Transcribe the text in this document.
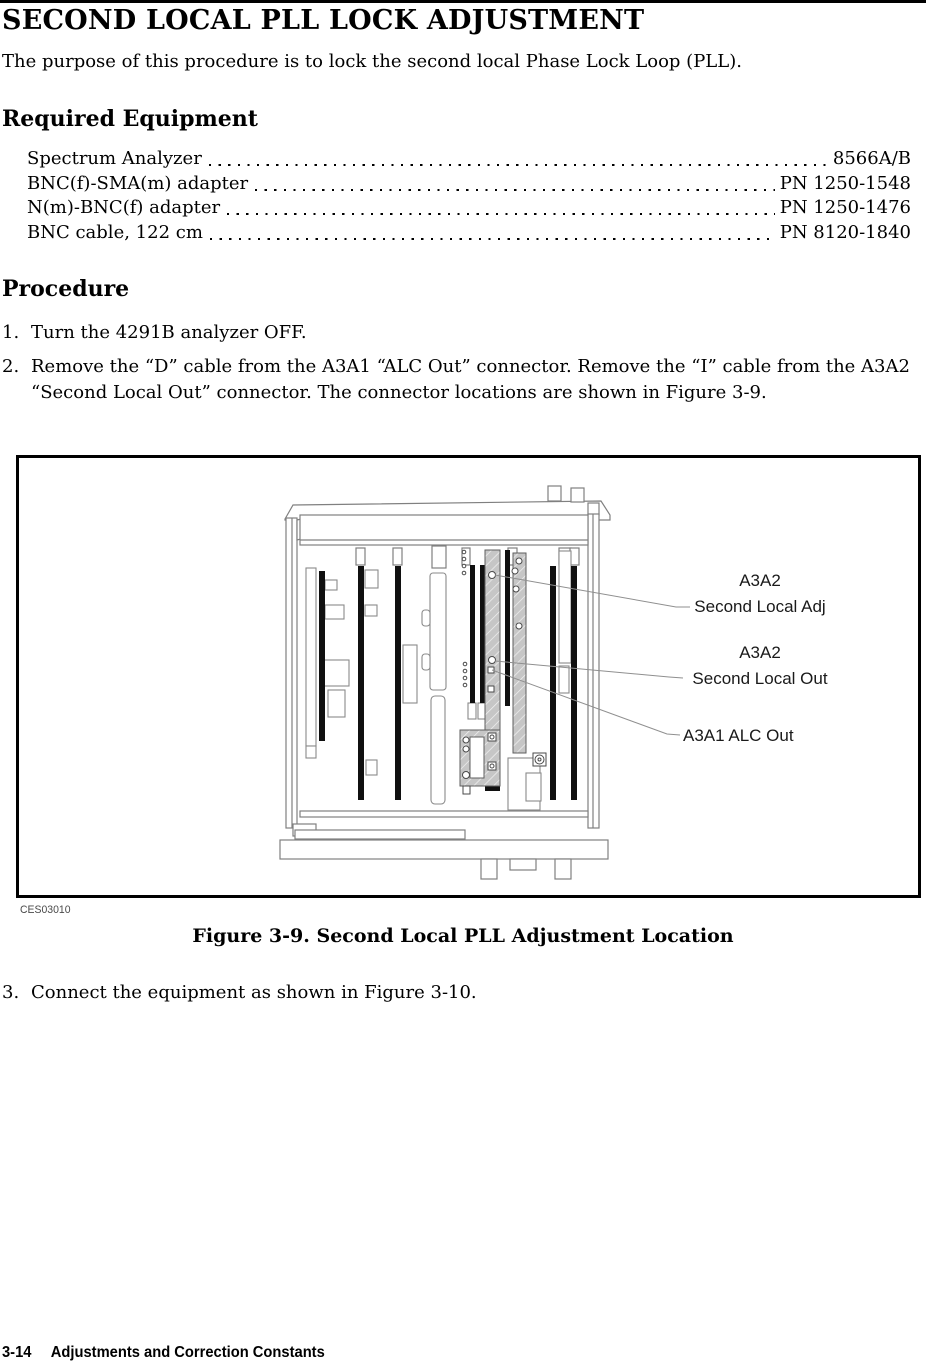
SECOND LOCAL PLL LOCK ADJUSTMENT
The purpose of this procedure is to lock the second local Phase Lock Loop (PLL).
Required Equipment
Spectrum Analyzer	8566A/B
BNC(f)-SMA(m) adapter	PN 1250-1548
N(m)-BNC(f) adapter	PN 1250-1476
BNC cable, 122 cm	PN 8120-1840
Procedure
1. Turn the 4291B analyzer OFF.
2. Remove the “D” cable from the A3A1 “ALC Out” connector. Remove the “I” cable from the A3A2 “Second Local Out” connector. The connector locations are shown in Figure 3-9.
A3A2
Second Local Adj
A3A2
Second Local Out
A3A1 ALC Out
CES03010
Figure 3-9. Second Local PLL Adjustment Location
3. Connect the equipment as shown in Figure 3-10.
3-14 Adjustments and Correction Constants
